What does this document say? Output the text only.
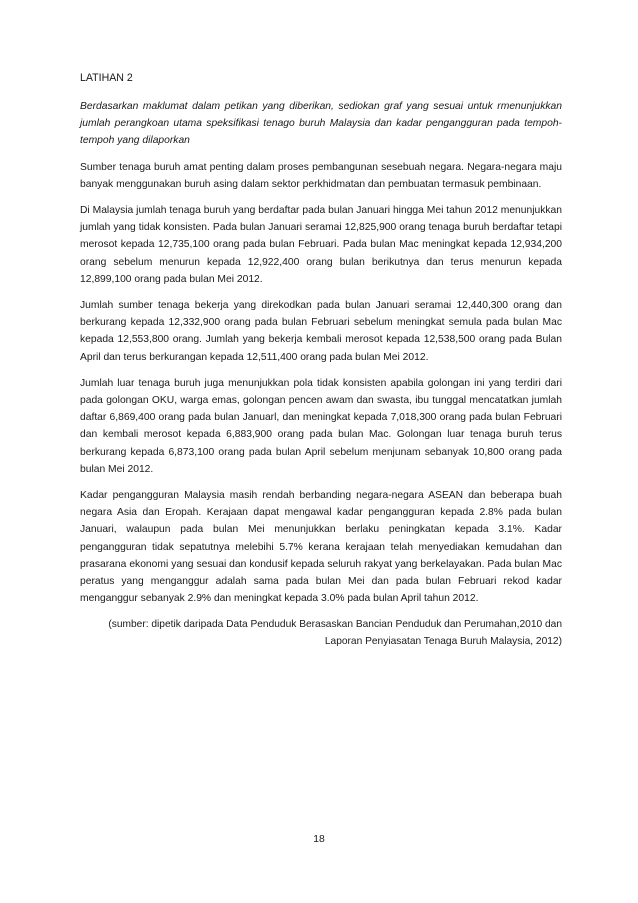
LATIHAN 2

Berdasarkan maklumat dalam petikan yang diberikan, sediokan graf yang sesuai untuk rmenunjukkan jumlah perangkoan utama speksifikasi tenago buruh Malaysia dan kadar pengangguran pada tempoh-tempoh yang dilaporkan

Sumber tenaga buruh amat penting dalam proses pembangunan sesebuah negara. Negara-negara maju banyak menggunakan buruh asing dalam sektor perkhidmatan dan pembuatan termasuk pembinaan.

Di Malaysia jumlah tenaga buruh yang berdaftar pada bulan Januari hingga Mei tahun 2012 menunjukkan jumlah yang tidak konsisten. Pada bulan Januari seramai 12,825,900 orang tenaga buruh berdaftar tetapi merosot kepada 12,735,100 orang pada bulan Februari. Pada bulan Mac meningkat kepada 12,934,200 orang sebelum menurun kepada 12,922,400 orang bulan berikutnya dan terus menurun kepada 12,899,100 orang pada bulan Mei 2012.

Jumlah sumber tenaga bekerja yang direkodkan pada bulan Januari seramai 12,440,300 orang dan berkurang kepada 12,332,900 orang pada bulan Februari sebelum meningkat semula pada bulan Mac kepada 12,553,800 orang. Jumlah yang bekerja kembali merosot kepada 12,538,500 orang pada Bulan April dan terus berkurangan kepada 12,511,400 orang pada bulan Mei 2012.

Jumlah luar tenaga buruh juga menunjukkan pola tidak konsisten apabila golongan ini yang terdiri dari pada golongan OKU, warga emas, golongan pencen awam dan swasta, ibu tunggal mencatatkan jumlah daftar 6,869,400 orang pada bulan Januarl, dan meningkat kepada 7,018,300 orang pada bulan Februari dan kembali merosot kepada 6,883,900 orang pada bulan Mac. Golongan luar tenaga buruh terus berkurang kepada 6,873,100 orang pada bulan April sebelum menjunam sebanyak 10,800 orang pada bulan Mei 2012.

Kadar pengangguran Malaysia masih rendah berbanding negara-negara ASEAN dan beberapa buah negara Asia dan Eropah. Kerajaan dapat mengawal kadar pengangguran kepada 2.8% pada bulan Januari, walaupun pada bulan Mei menunjukkan berlaku peningkatan kepada 3.1%. Kadar pengangguran tidak sepatutnya melebihi 5.7% kerana kerajaan telah menyediakan kemudahan dan prasarana ekonomi yang sesuai dan kondusif kepada seluruh rakyat yang berkelayakan. Pada bulan Mac peratus yang menganggur adalah sama pada bulan Mei dan pada bulan Februari rekod kadar menganggur sebanyak 2.9% dan meningkat kepada 3.0% pada bulan April tahun 2012.

(sumber: dipetik daripada Data Penduduk Berasaskan Bancian Penduduk dan Perumahan,2010 dan
Laporan Penyiasatan Tenaga Buruh Malaysia, 2012)
18
